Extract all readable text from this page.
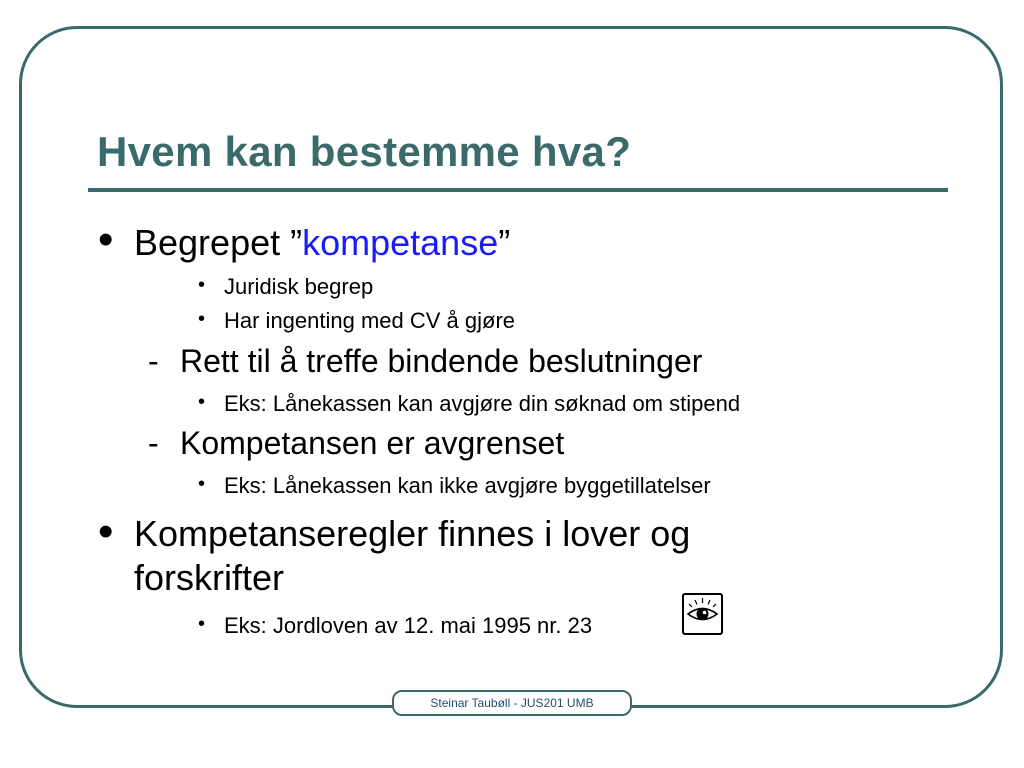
Hvem kan bestemme hva?
• Begrepet ”kompetanse”
• Juridisk begrep
• Har ingenting med CV å gjøre
- Rett til å treffe bindende beslutninger
• Eks: Lånekassen kan avgjøre din søknad om stipend
- Kompetansen er avgrenset
• Eks: Lånekassen kan ikke avgjøre byggetillatelser
• Kompetanseregler finnes i lover og
forskrifter
• Eks: Jordloven av 12. mai 1995 nr. 23
Steinar Taubøll - JUS201 UMB
